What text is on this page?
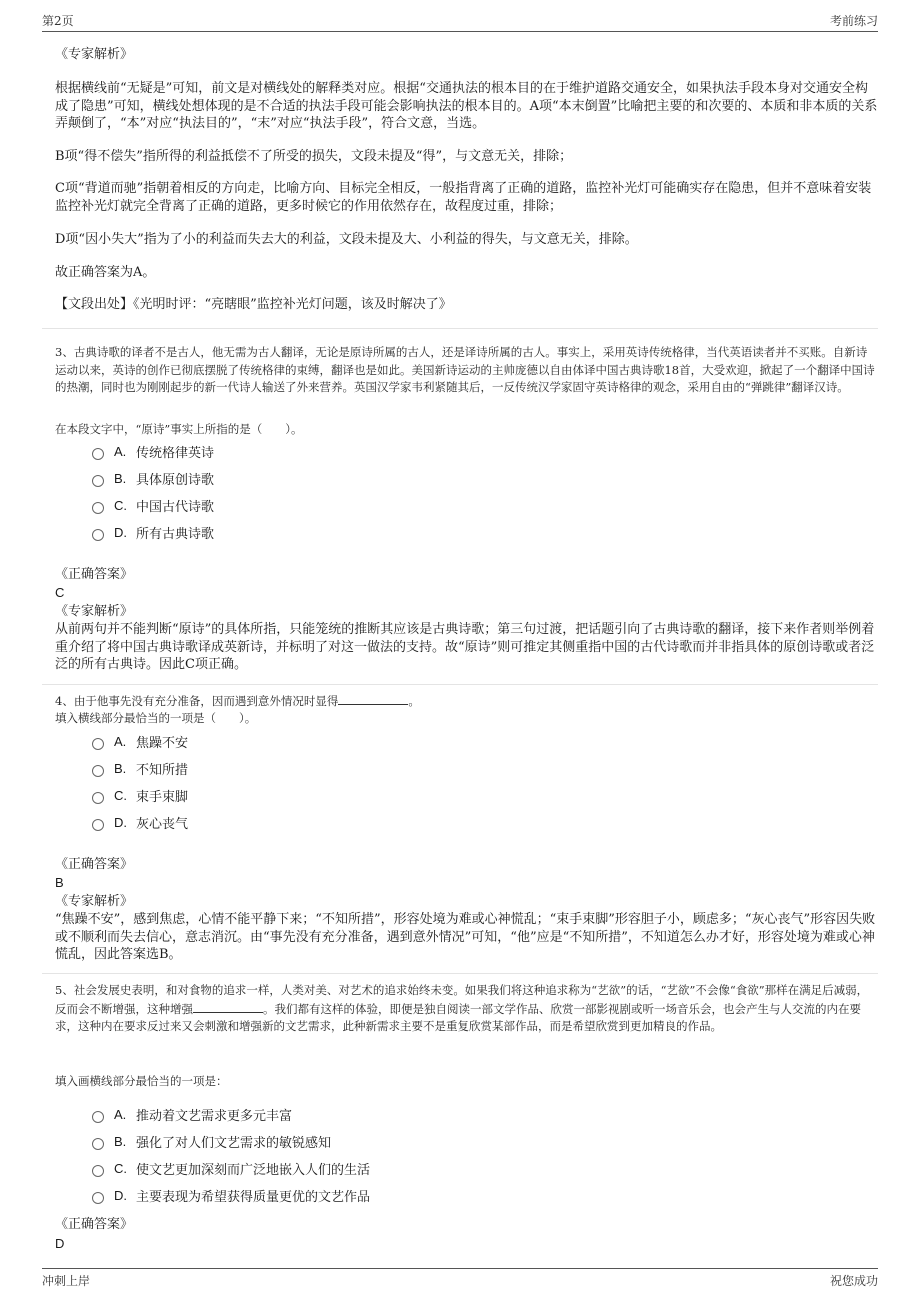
第2页	考前练习
《专家解析》
根据横线前“无疑是”可知，前文是对横线处的解释类对应。根据“交通执法的根本目的在于维护道路交通安全，如果执法手段本身对交通安全构成了隐患”可知，横线处想体现的是不合适的执法手段可能会影响执法的根本目的。A项“本末倒置”比喻把主要的和次要的、本质和非本质的关系弄颠倒了，“本”对应“执法目的”，“末”对应“执法手段”，符合文意，当选。
B项“得不偿失”指所得的利益抵偿不了所受的损失，文段未提及“得”，与文意无关，排除；
C项“背道而驰”指朝着相反的方向走，比喻方向、目标完全相反，一般指背离了正确的道路，监控补光灯可能确实存在隐患，但并不意味着安装监控补光灯就完全背离了正确的道路，更多时候它的作用依然存在，故程度过重，排除；
D项“因小失大”指为了小的利益而失去大的利益，文段未提及大、小利益的得失，与文意无关，排除。
故正确答案为A。
【文段出处】《光明时评：“亮瞎眼”监控补光灯问题，该及时解决了》
3、古典诗歌的译者不是古人，他无需为古人翻译，无论是原诗所属的古人，还是译诗所属的古人。事实上，采用英诗传统格律，当代英语读者并不买账。自新诗运动以来，英诗的创作已彻底摆脱了传统格律的束缚，翻译也是如此。美国新诗运动的主帅庞德以自由体译中国古典诗歌18首，大受欢迎，掀起了一个翻译中国诗的热潮，同时也为刚刚起步的新一代诗人输送了外来营养。英国汉学家韦利紧随其后，一反传统汉学家固守英诗格律的观念，采用自由的“弹跳律”翻译汉诗。
在本段文字中，“原诗”事实上所指的是（　　）。
A. 传统格律英诗
B. 具体原创诗歌
C. 中国古代诗歌
D. 所有古典诗歌
《正确答案》
C
《专家解析》
从前两句并不能判断“原诗”的具体所指，只能笼统的推断其应该是古典诗歌；第三句过渡，把话题引向了古典诗歌的翻译，接下来作者则举例着重介绍了将中国古典诗歌译成英新诗，并标明了对这一做法的支持。故“原诗”则可推定其侧重指中国的古代诗歌而并非指具体的原创诗歌或者泛泛的所有古典诗。因此C项正确。
4、由于他事先没有充分准备，因而遇到意外情况时显得	。
填入横线部分最恰当的一项是（　　）。
A. 焦躁不安
B. 不知所措
C. 束手束脚
D. 灰心丧气
《正确答案》
B
《专家解析》
“焦躁不安”，感到焦虑，心情不能平静下来；“不知所措”，形容处境为难或心神慌乱；“束手束脚”形容胆子小，顾虑多；“灰心丧气”形容因失败或不顺利而失去信心，意志消沉。由“事先没有充分准备，遇到意外情况”可知，“他”应是“不知所措”，不知道怎么办才好，形容处境为难或心神慌乱，因此答案选B。
5、社会发展史表明，和对食物的追求一样，人类对美、对艺术的追求始终未变。如果我们将这种追求称为“艺欲”的话，“艺欲”不会像“食欲”那样在满足后减弱，反而会不断增强，这种增强	。我们都有这样的体验，即便是独自阅读一部文学作品、欣赏一部影视剧或听一场音乐会，也会产生与人交流的内在要求，这种内在要求反过来又会刺激和增强新的文艺需求，此种新需求主要不是重复欣赏某部作品，而是希望欣赏到更加精良的作品。
填入画横线部分最恰当的一项是：
A. 推动着文艺需求更多元丰富
B. 强化了对人们文艺需求的敏锐感知
C. 使文艺更加深刻而广泛地嵌入人们的生活
D. 主要表现为希望获得质量更优的文艺作品
《正确答案》
D
冲刺上岸	祝您成功
